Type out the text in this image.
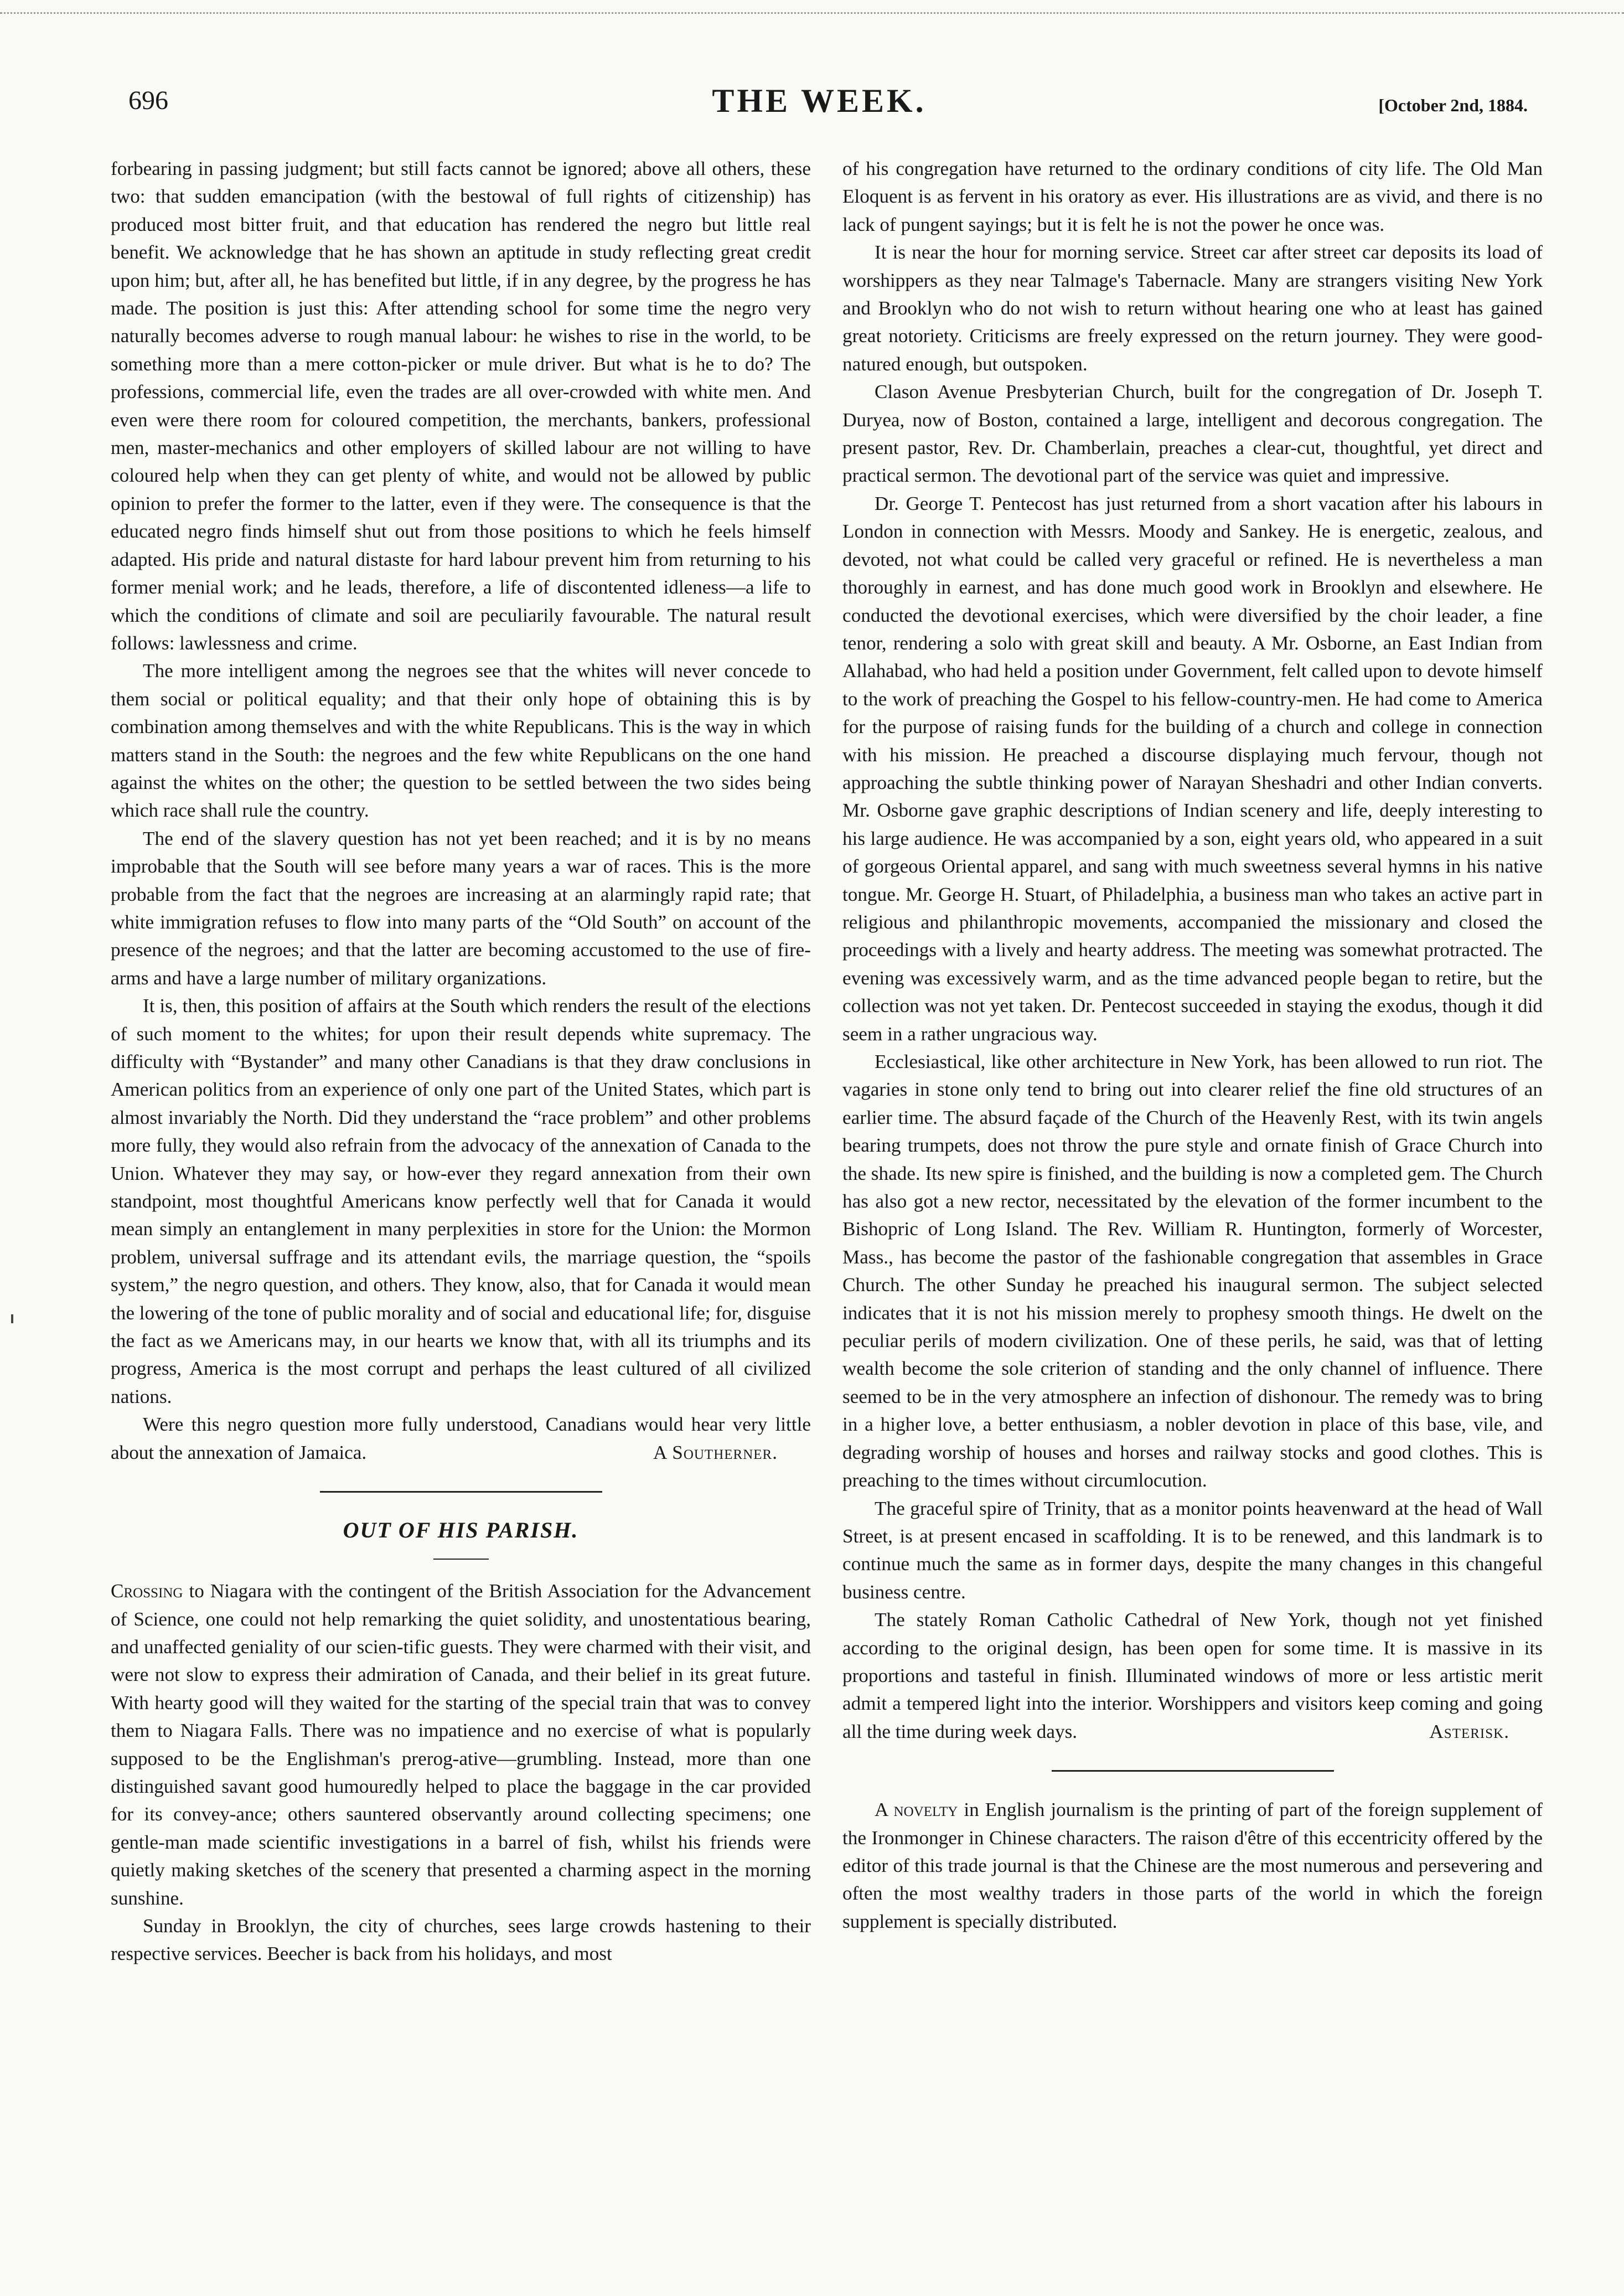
696	THE WEEK.	[October 2nd, 1884.

forbearing in passing judgment; but still facts cannot be ignored; above all others, these two: that sudden emancipation (with the bestowal of full rights of citizenship) has produced most bitter fruit, and that education has rendered the negro but little real benefit. We acknowledge that he has shown an aptitude in study reflecting great credit upon him; but, after all, he has benefited but little, if in any degree, by the progress he has made. The position is just this: After attending school for some time the negro very naturally becomes adverse to rough manual labour: he wishes to rise in the world, to be something more than a mere cotton-picker or mule driver. But what is he to do? The professions, commercial life, even the trades are all over-crowded with white men. And even were there room for coloured competition, the merchants, bankers, professional men, master-mechanics and other employers of skilled labour are not willing to have coloured help when they can get plenty of white, and would not be allowed by public opinion to prefer the former to the latter, even if they were. The consequence is that the educated negro finds himself shut out from those positions to which he feels himself adapted. His pride and natural distaste for hard labour prevent him from returning to his former menial work; and he leads, therefore, a life of discontented idleness—a life to which the conditions of climate and soil are peculiarily favourable. The natural result follows: lawlessness and crime.

The more intelligent among the negroes see that the whites will never concede to them social or political equality; and that their only hope of obtaining this is by combination among themselves and with the white Republicans. This is the way in which matters stand in the South: the negroes and the few white Republicans on the one hand against the whites on the other; the question to be settled between the two sides being which race shall rule the country.

The end of the slavery question has not yet been reached; and it is by no means improbable that the South will see before many years a war of races. This is the more probable from the fact that the negroes are increasing at an alarmingly rapid rate; that white immigration refuses to flow into many parts of the “Old South” on account of the presence of the negroes; and that the latter are becoming accustomed to the use of fire-arms and have a large number of military organizations.

It is, then, this position of affairs at the South which renders the result of the elections of such moment to the whites; for upon their result depends white supremacy. The difficulty with “Bystander” and many other Canadians is that they draw conclusions in American politics from an experience of only one part of the United States, which part is almost invariably the North. Did they understand the “race problem” and other problems more fully, they would also refrain from the advocacy of the annexation of Canada to the Union. Whatever they may say, or how-ever they regard annexation from their own standpoint, most thoughtful Americans know perfectly well that for Canada it would mean simply an entanglement in many perplexities in store for the Union: the Mormon problem, universal suffrage and its attendant evils, the marriage question, the “spoils system,” the negro question, and others. They know, also, that for Canada it would mean the lowering of the tone of public morality and of social and educational life; for, disguise the fact as we Americans may, in our hearts we know that, with all its triumphs and its progress, America is the most corrupt and perhaps the least cultured of all civilized nations.

Were this negro question more fully understood, Canadians would hear very little about the annexation of Jamaica.	A Southerner.

OUT OF HIS PARISH.

Crossing to Niagara with the contingent of the British Association for the Advancement of Science, one could not help remarking the quiet solidity, and unostentatious bearing, and unaffected geniality of our scien-tific guests. They were charmed with their visit, and were not slow to express their admiration of Canada, and their belief in its great future. With hearty good will they waited for the starting of the special train that was to convey them to Niagara Falls. There was no impatience and no exercise of what is popularly supposed to be the Englishman's prerog-ative—grumbling. Instead, more than one distinguished savant good humouredly helped to place the baggage in the car provided for its convey-ance; others sauntered observantly around collecting specimens; one gentle-man made scientific investigations in a barrel of fish, whilst his friends were quietly making sketches of the scenery that presented a charming aspect in the morning sunshine.

Sunday in Brooklyn, the city of churches, sees large crowds hastening to their respective services. Beecher is back from his holidays, and most

of his congregation have returned to the ordinary conditions of city life. The Old Man Eloquent is as fervent in his oratory as ever. His illustrations are as vivid, and there is no lack of pungent sayings; but it is felt he is not the power he once was.

It is near the hour for morning service. Street car after street car deposits its load of worshippers as they near Talmage's Tabernacle. Many are strangers visiting New York and Brooklyn who do not wish to return without hearing one who at least has gained great notoriety. Criticisms are freely expressed on the return journey. They were good-natured enough, but outspoken.

Clason Avenue Presbyterian Church, built for the congregation of Dr. Joseph T. Duryea, now of Boston, contained a large, intelligent and decorous congregation. The present pastor, Rev. Dr. Chamberlain, preaches a clear-cut, thoughtful, yet direct and practical sermon. The devotional part of the service was quiet and impressive.

Dr. George T. Pentecost has just returned from a short vacation after his labours in London in connection with Messrs. Moody and Sankey. He is energetic, zealous, and devoted, not what could be called very graceful or refined. He is nevertheless a man thoroughly in earnest, and has done much good work in Brooklyn and elsewhere. He conducted the devotional exercises, which were diversified by the choir leader, a fine tenor, rendering a solo with great skill and beauty. A Mr. Osborne, an East Indian from Allahabad, who had held a position under Government, felt called upon to devote himself to the work of preaching the Gospel to his fellow-country-men. He had come to America for the purpose of raising funds for the building of a church and college in connection with his mission. He preached a discourse displaying much fervour, though not approaching the subtle thinking power of Narayan Sheshadri and other Indian converts. Mr. Osborne gave graphic descriptions of Indian scenery and life, deeply interesting to his large audience. He was accompanied by a son, eight years old, who appeared in a suit of gorgeous Oriental apparel, and sang with much sweetness several hymns in his native tongue. Mr. George H. Stuart, of Philadelphia, a business man who takes an active part in religious and philanthropic movements, accompanied the missionary and closed the proceedings with a lively and hearty address. The meeting was somewhat protracted. The evening was excessively warm, and as the time advanced people began to retire, but the collection was not yet taken. Dr. Pentecost succeeded in staying the exodus, though it did seem in a rather ungracious way.

Ecclesiastical, like other architecture in New York, has been allowed to run riot. The vagaries in stone only tend to bring out into clearer relief the fine old structures of an earlier time. The absurd façade of the Church of the Heavenly Rest, with its twin angels bearing trumpets, does not throw the pure style and ornate finish of Grace Church into the shade. Its new spire is finished, and the building is now a completed gem. The Church has also got a new rector, necessitated by the elevation of the former incumbent to the Bishopric of Long Island. The Rev. William R. Huntington, formerly of Worcester, Mass., has become the pastor of the fashionable congregation that assembles in Grace Church. The other Sunday he preached his inaugural sermon. The subject selected indicates that it is not his mission merely to prophesy smooth things. He dwelt on the peculiar perils of modern civilization. One of these perils, he said, was that of letting wealth become the sole criterion of standing and the only channel of influence. There seemed to be in the very atmosphere an infection of dishonour. The remedy was to bring in a higher love, a better enthusiasm, a nobler devotion in place of this base, vile, and degrading worship of houses and horses and railway stocks and good clothes. This is preaching to the times without circumlocution.

The graceful spire of Trinity, that as a monitor points heavenward at the head of Wall Street, is at present encased in scaffolding. It is to be renewed, and this landmark is to continue much the same as in former days, despite the many changes in this changeful business centre.

The stately Roman Catholic Cathedral of New York, though not yet finished according to the original design, has been open for some time. It is massive in its proportions and tasteful in finish. Illuminated windows of more or less artistic merit admit a tempered light into the interior. Worshippers and visitors keep coming and going all the time during week days.	Asterisk.

A novelty in English journalism is the printing of part of the foreign supplement of the Ironmonger in Chinese characters. The raison d'être of this eccentricity offered by the editor of this trade journal is that the Chinese are the most numerous and persevering and often the most wealthy traders in those parts of the world in which the foreign supplement is specially distributed.
